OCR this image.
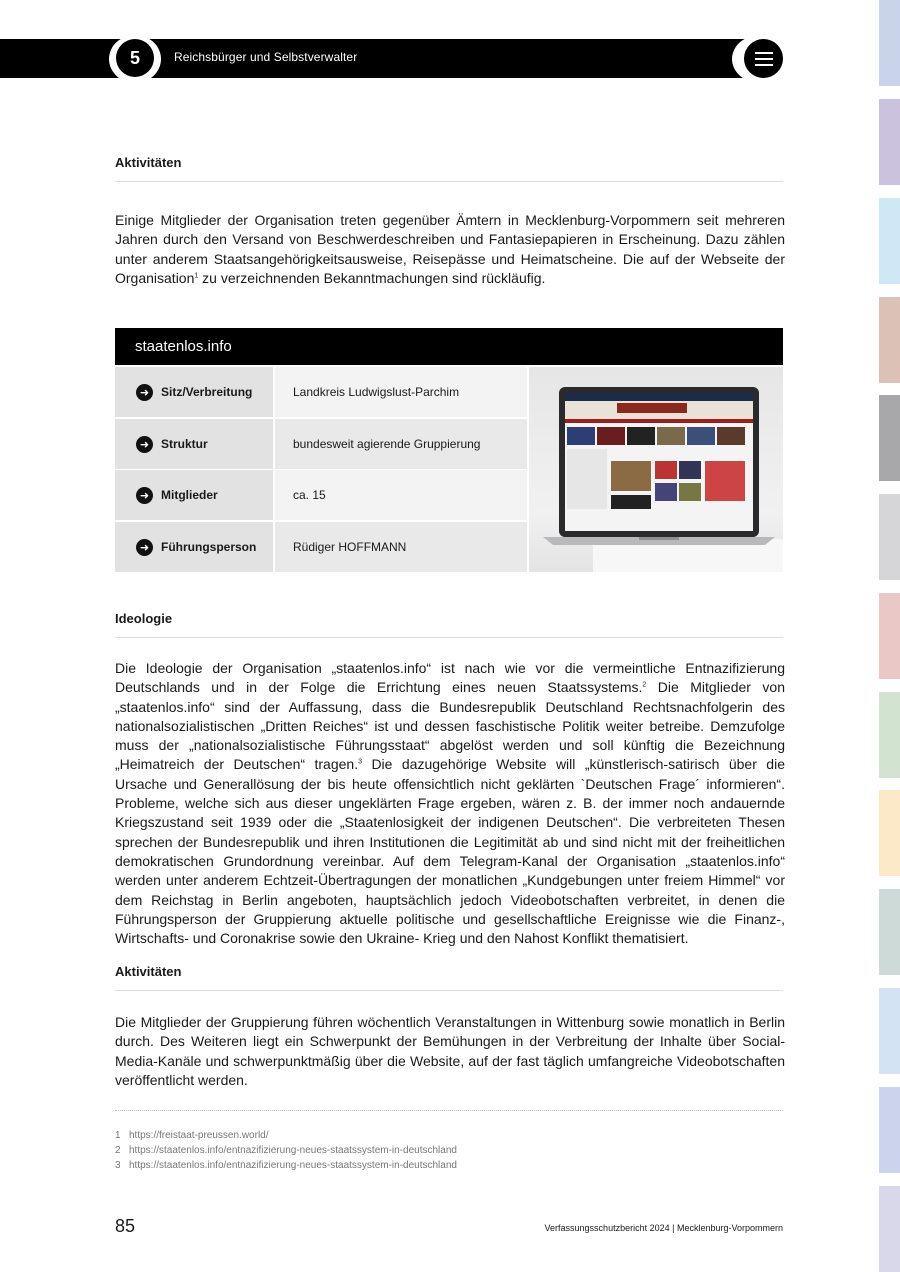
5	Reichsbürger und Selbstverwalter
Aktivitäten

Einige Mitglieder der Organisation treten gegenüber Ämtern in Mecklenburg-Vorpommern seit mehreren Jahren durch den Versand von Beschwerdeschreiben und Fantasiepapieren in Erscheinung. Dazu zählen unter anderem Staatsangehörigkeitsausweise, Reisepässe und Heimatscheine. Die auf der Webseite der Organisation$^1$ zu verzeichnenden Bekanntmachungen sind rückläufig.

staatenlos.info
➜ Sitz/Verbreitung	Landkreis Ludwigslust-Parchim
➜ Struktur	bundesweit agierende Gruppierung
➜ Mitglieder	ca. 15
➜ Führungsperson	Rüdiger HOFFMANN
Ideologie

Die Ideologie der Organisation „staatenlos.info“ ist nach wie vor die vermeintliche Entnazifizierung Deutschlands und in der Folge die Errichtung eines neuen Staatssystems.$^2$ Die Mitglieder von „staatenlos.info“ sind der Auffassung, dass die Bundesrepublik Deutschland Rechtsnachfolgerin des nationalsozialistischen „Dritten Reiches“ ist und dessen faschistische Politik weiter betreibe. Demzufolge muss der „nationalsozialistische Führungsstaat“ abgelöst werden und soll künftig die Bezeichnung „Heimatreich der Deutschen“ tragen.$^3$ Die dazugehörige Website will „künstlerisch-satirisch über die Ursache und Generallösung der bis heute offensichtlich nicht geklärten `Deutschen Frage´ informieren“. Probleme, welche sich aus dieser ungeklärten Frage ergeben, wären z. B. der immer noch andauernde Kriegszustand seit 1939 oder die „Staatenlosigkeit der indigenen Deutschen“. Die verbreiteten Thesen sprechen der Bundesrepublik und ihren Institutionen die Legitimität ab und sind nicht mit der freiheitlichen demokratischen Grundordnung vereinbar. Auf dem Telegram-Kanal der Organisation „staatenlos.info“ werden unter anderem Echtzeit-Übertragungen der monatlichen „Kundgebungen unter freiem Himmel“ vor dem Reichstag in Berlin angeboten, hauptsächlich jedoch Videobotschaften verbreitet, in denen die Führungsperson der Gruppierung aktuelle politische und gesellschaftliche Ereignisse wie die Finanz-, Wirtschafts- und Coronakrise sowie den Ukraine- Krieg und den Nahost Konflikt thematisiert.

Aktivitäten

Die Mitglieder der Gruppierung führen wöchentlich Veranstaltungen in Wittenburg sowie monatlich in Berlin durch. Des Weiteren liegt ein Schwerpunkt der Bemühungen in der Verbreitung der Inhalte über Social-Media-Kanäle und schwerpunktmäßig über die Website, auf der fast täglich umfangreiche Videobotschaften veröffentlicht werden.

1 https://freistaat-preussen.world/
2 https://staatenlos.info/entnazifizierung-neues-staatssystem-in-deutschland
3 https://staatenlos.info/entnazifizierung-neues-staatssystem-in-deutschland
85	Verfassungsschutzbericht 2024 | Mecklenburg-Vorpommern
